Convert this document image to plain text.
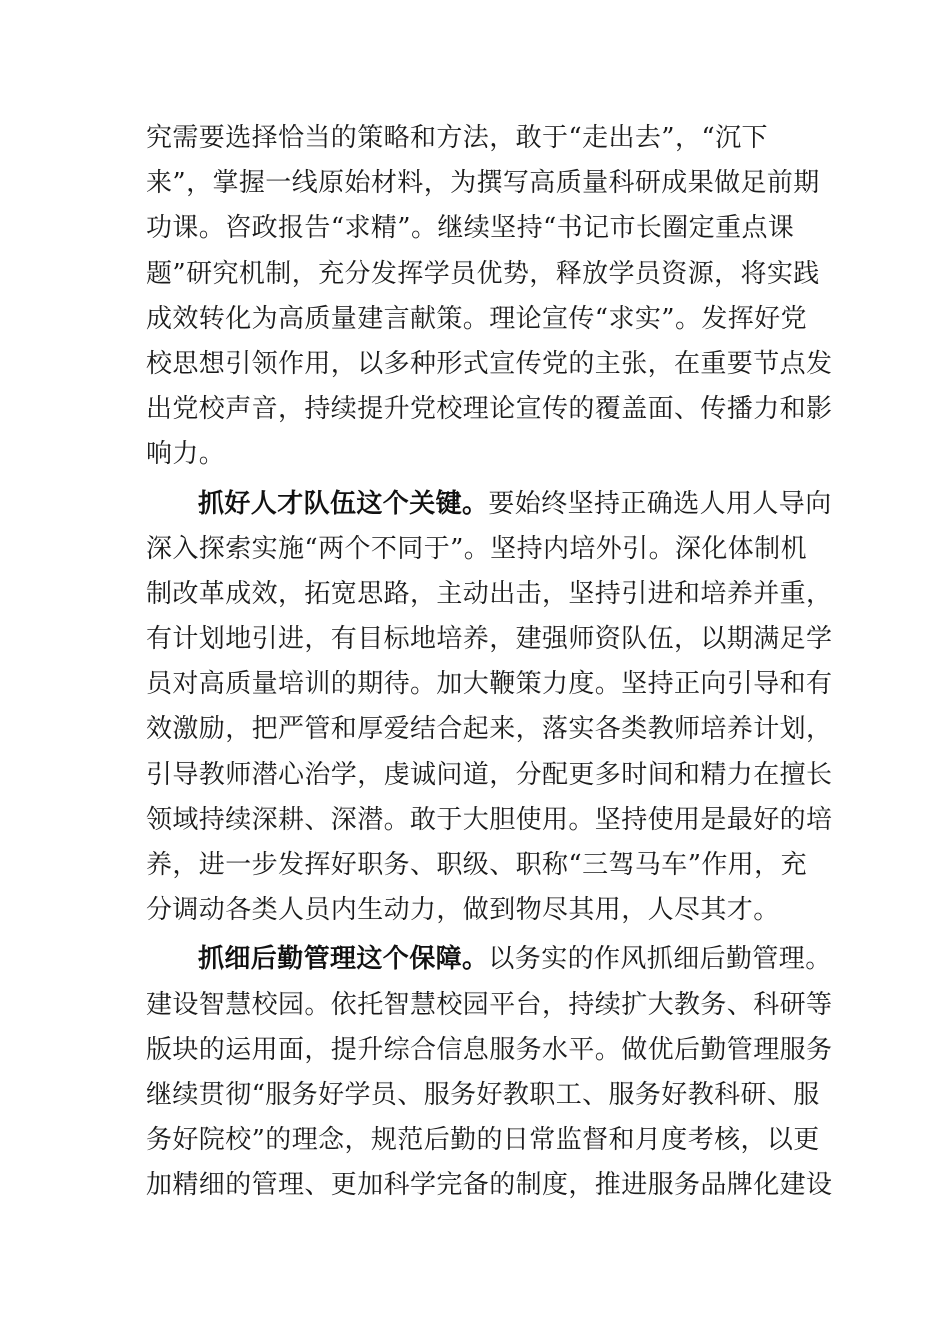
究需要选择恰当的策略和方法，敢于“走出去”，“沉下
来”，掌握一线原始材料，为撰写高质量科研成果做足前期
功课。咨政报告“求精”。继续坚持“书记市长圈定重点课
题”研究机制，充分发挥学员优势，释放学员资源，将实践
成效转化为高质量建言献策。理论宣传“求实”。发挥好党
校思想引领作用，以多种形式宣传党的主张，在重要节点发
出党校声音，持续提升党校理论宣传的覆盖面、传播力和影
响力。
抓好人才队伍这个关键。要始终坚持正确选人用人导向
深入探索实施“两个不同于”。坚持内培外引。深化体制机
制改革成效，拓宽思路，主动出击，坚持引进和培养并重，
有计划地引进，有目标地培养，建强师资队伍，以期满足学
员对高质量培训的期待。加大鞭策力度。坚持正向引导和有
效激励，把严管和厚爱结合起来，落实各类教师培养计划，
引导教师潜心治学，虔诚问道，分配更多时间和精力在擅长
领域持续深耕、深潜。敢于大胆使用。坚持使用是最好的培
养，进一步发挥好职务、职级、职称“三驾马车”作用，充
分调动各类人员内生动力，做到物尽其用，人尽其才。
抓细后勤管理这个保障。以务实的作风抓细后勤管理。
建设智慧校园。依托智慧校园平台，持续扩大教务、科研等
版块的运用面，提升综合信息服务水平。做优后勤管理服务
继续贯彻“服务好学员、服务好教职工、服务好教科研、服
务好院校”的理念，规范后勤的日常监督和月度考核，以更
加精细的管理、更加科学完备的制度，推进服务品牌化建设
